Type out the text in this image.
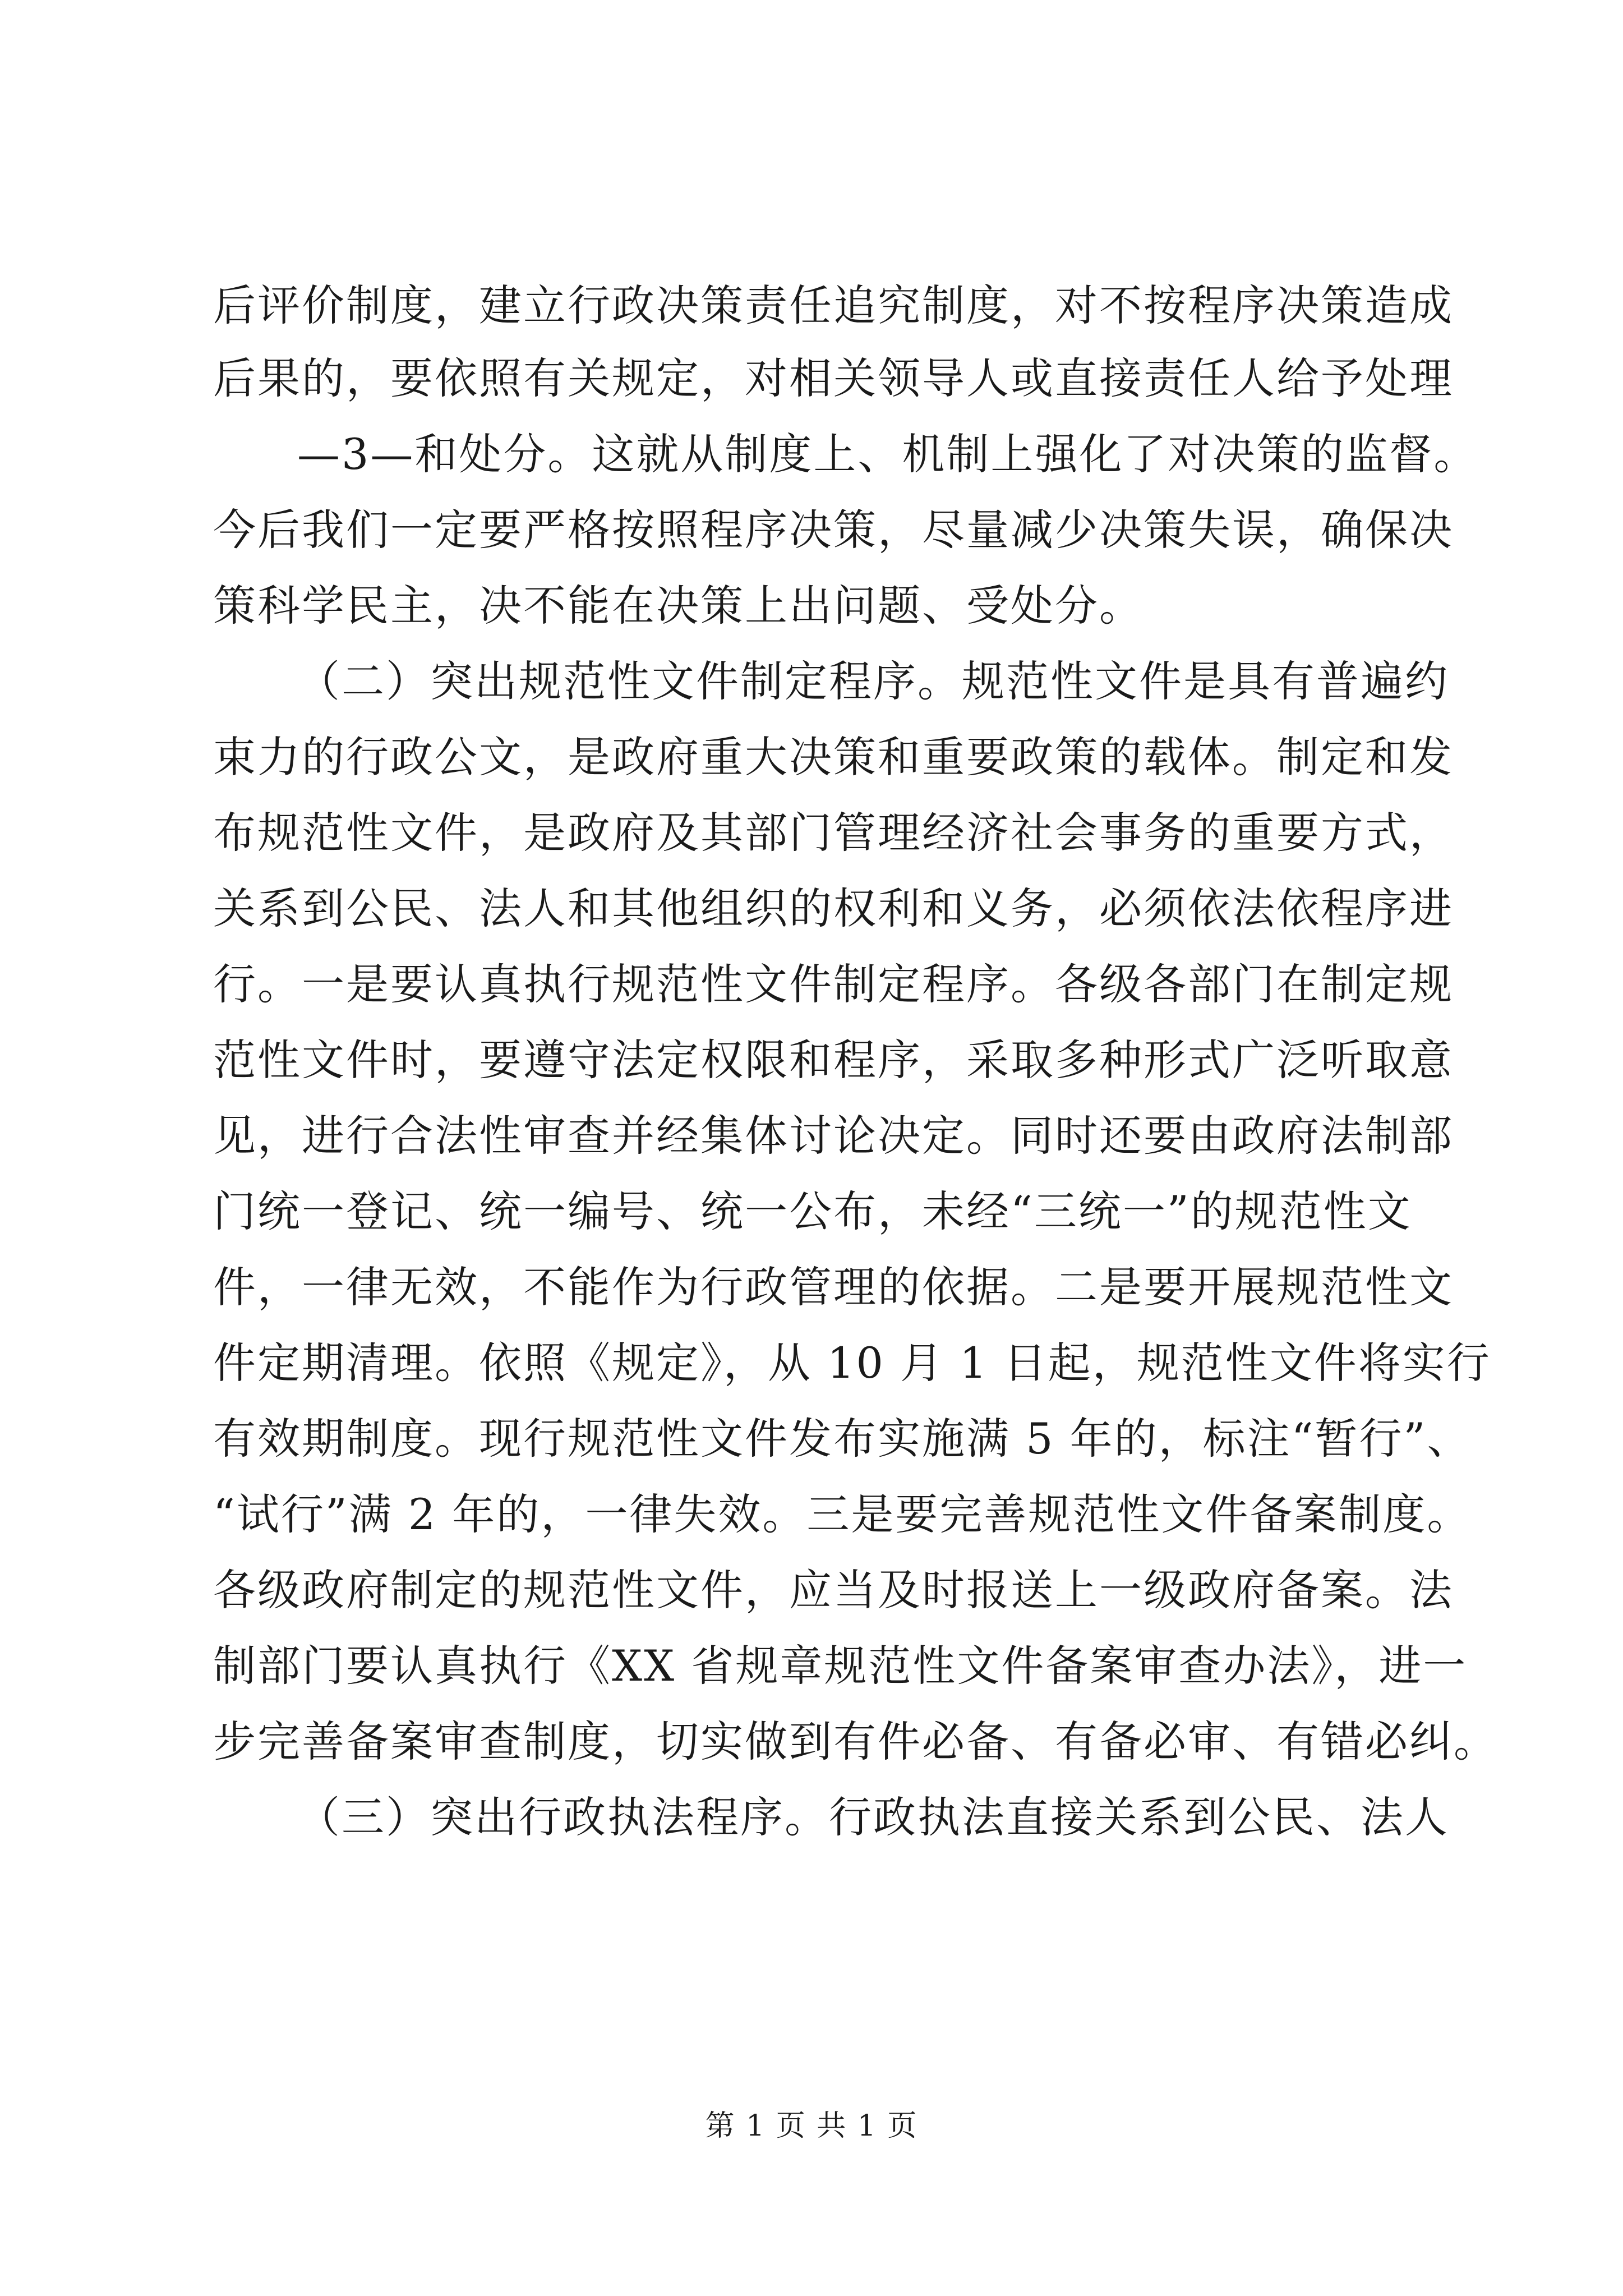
后评价制度，建立行政决策责任追究制度，对不按程序决策造成
后果的，要依照有关规定，对相关领导人或直接责任人给予处理
—3—和处分。这就从制度上、机制上强化了对决策的监督。
今后我们一定要严格按照程序决策，尽量减少决策失误，确保决
策科学民主，决不能在决策上出问题、受处分。
（二）突出规范性文件制定程序。规范性文件是具有普遍约
束力的行政公文，是政府重大决策和重要政策的载体。制定和发
布规范性文件，是政府及其部门管理经济社会事务的重要方式，
关系到公民、法人和其他组织的权利和义务，必须依法依程序进
行。一是要认真执行规范性文件制定程序。各级各部门在制定规
范性文件时，要遵守法定权限和程序，采取多种形式广泛听取意
见，进行合法性审查并经集体讨论决定。同时还要由政府法制部
门统一登记、统一编号、统一公布，未经“三统一”的规范性文
件，一律无效，不能作为行政管理的依据。二是要开展规范性文
件定期清理。依照《规定》，从 10 月 1 日起，规范性文件将实行
有效期制度。现行规范性文件发布实施满 5 年的，标注“暂行”、
“试行”满 2 年的，一律失效。三是要完善规范性文件备案制度。
各级政府制定的规范性文件，应当及时报送上一级政府备案。法
制部门要认真执行《XX 省规章规范性文件备案审查办法》，进一
步完善备案审查制度，切实做到有件必备、有备必审、有错必纠。
（三）突出行政执法程序。行政执法直接关系到公民、法人
第 1 页 共 1 页
